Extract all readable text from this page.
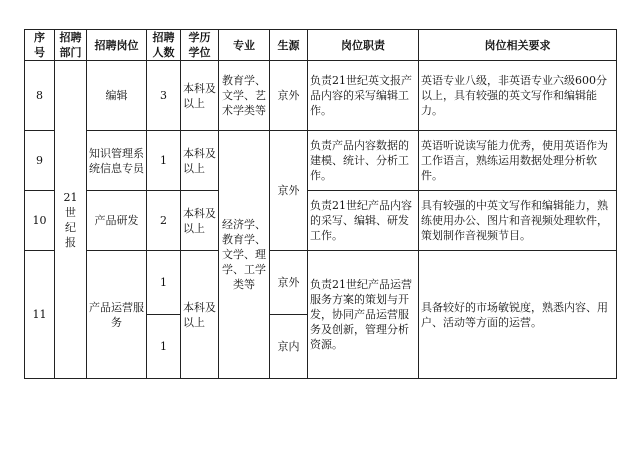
序号	招聘部门	招聘岗位	招聘人数	学历学位	专业	生源	岗位职责	岗位相关要求
8	21世纪报	编辑	3	本科及以上	教育学、文学、艺术学类等	京外	负责21世纪英文报产品内容的采写编辑工作。	英语专业八级，非英语专业六级600分以上，具有较强的英文写作和编辑能力。
9		知识管理系统信息专员	1	本科及以上	经济学、教育学、文学、理学、工学类等	京外	负责产品内容数据的建模、统计、分析工作。	英语听说读写能力优秀，使用英语作为工作语言，熟练运用数据处理分析软件。
10		产品研发	2	本科及以上			负责21世纪产品内容的采写、编辑、研发工作。	具有较强的中英文写作和编辑能力，熟练使用办公、图片和音视频处理软件，策划制作音视频节目。
11		产品运营服务	1	本科及以上		京外	负责21世纪产品运营服务方案的策划与开发，协同产品运营服务及创新，管理分析资源。	具备较好的市场敏锐度，熟悉内容、用户、活动等方面的运营。
			1			京内		
